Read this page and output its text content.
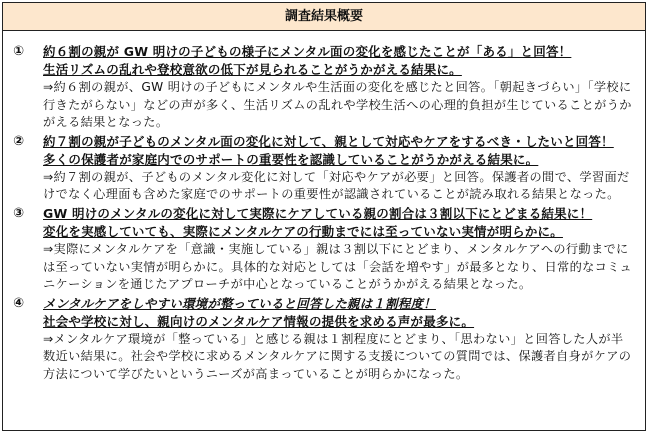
調査結果概要
① 約６割の親が GW 明けの子どもの様子にメンタル面の変化を感じたことが「ある」と回答！
生活リズムの乱れや登校意欲の低下が見られることがうかがえる結果に。
⇒約６割の親が、GW 明けの子どもにメンタルや生活面の変化を感じたと回答。「朝起きづらい」「学校に行きたがらない」などの声が多く、生活リズムの乱れや学校生活への心理的負担が生じていることがうかがえる結果となった。
② 約７割の親が子どものメンタル面の変化に対して、親として対応やケアをするべき・したいと回答！
多くの保護者が家庭内でのサポートの重要性を認識していることがうかがえる結果に。
⇒約７割の親が、子どものメンタル変化に対して「対応やケアが必要」と回答。保護者の間で、学習面だけでなく心理面も含めた家庭でのサポートの重要性が認識されていることが読み取れる結果となった。
③ GW 明けのメンタルの変化に対して実際にケアしている親の割合は３割以下にとどまる結果に！
変化を実感していても、実際にメンタルケアの行動までには至っていない実情が明らかに。
⇒実際にメンタルケアを「意識・実施している」親は３割以下にとどまり、メンタルケアへの行動までには至っていない実情が明らかに。具体的な対応としては「会話を増やす」が最多となり、日常的なコミュニケーションを通じたアプローチが中心となっていることがうかがえる結果となった。
④ メンタルケアをしやすい環境が整っていると回答した親は１割程度！
社会や学校に対し、親向けのメンタルケア情報の提供を求める声が最多に。
⇒メンタルケア環境が「整っている」と感じる親は１割程度にとどまり、「思わない」と回答した人が半数近い結果に。社会や学校に求めるメンタルケアに関する支援についての質問では、保護者自身がケアの方法について学びたいというニーズが高まっていることが明らかになった。
